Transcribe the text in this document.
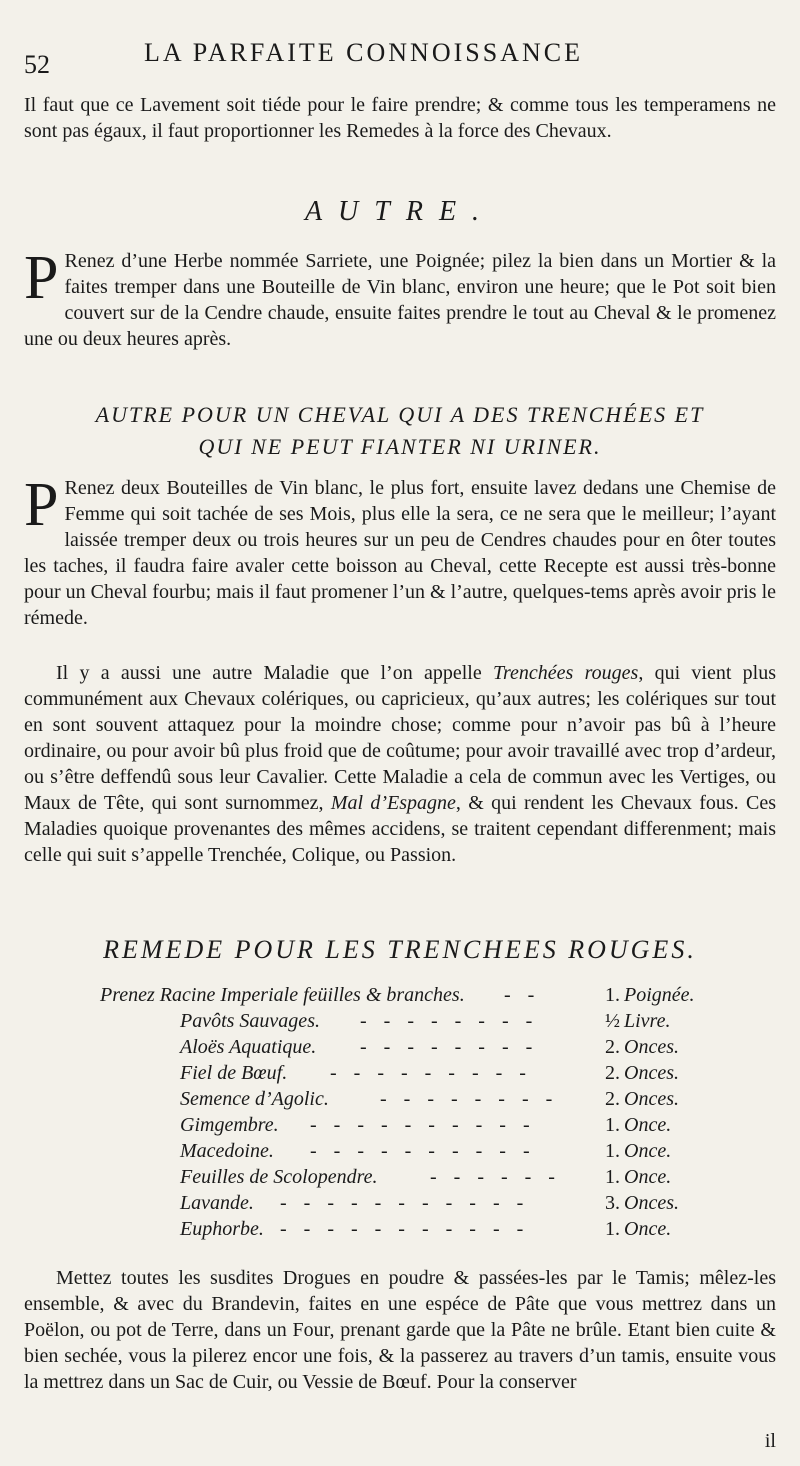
52	LA PARFAITE CONNOISSANCE
Il faut que ce Lavement soit tiéde pour le faire prendre; & comme tous les temperamens ne sont pas égaux, il faut proportionner les Remedes à la force des Chevaux.
AUTRE.
P Renez d’une Herbe nommée Sarriete, une Poignée; pilez la bien dans un Mortier & la faites tremper dans une Bouteille de Vin blanc, environ une heure; que le Pot soit bien couvert sur de la Cendre chaude, ensuite faites prendre le tout au Cheval & le promenez une ou deux heures après.
AUTRE POUR UN CHEVAL QUI A DES TRENCHÉES ET
QUI NE PEUT FIANTER NI URINER.
P Renez deux Bouteilles de Vin blanc, le plus fort, ensuite lavez dedans une Chemise de Femme qui soit tachée de ses Mois, plus elle la sera, ce ne sera que le meilleur; l’ayant laissée tremper deux ou trois heures sur un peu de Cendres chaudes pour en ôter toutes les taches, il faudra faire avaler cette boisson au Cheval, cette Recepte est aussi très-bonne pour un Cheval fourbu; mais il faut promener l’un & l’autre, quelques-tems après avoir pris le rémede.
Il y a aussi une autre Maladie que l’on appelle Trenchées rouges, qui vient plus communément aux Chevaux colériques, ou capricieux, qu’aux autres; les colériques sur tout en sont souvent attaquez pour la moindre chose; comme pour n’avoir pas bû à l’heure ordinaire, ou pour avoir bû plus froid que de coûtume; pour avoir travaillé avec trop d’ardeur, ou s’être deffendû sous leur Cavalier. Cette Maladie a cela de commun avec les Vertiges, ou Maux de Tête, qui sont surnommez, Mal d’Espagne, & qui rendent les Chevaux fous. Ces Maladies quoique provenantes des mêmes accidens, se traitent cependant differenment; mais celle qui suit s’appelle Trenchée, Colique, ou Passion.
REMEDE POUR LES TRENCHEES ROUGES.
Prenez Racine Imperiale feüilles & branches. - -	1. Poignée.
Pavôts Sauvages. - - - - - - - -	½ Livre.
Aloës Aquatique. - - - - - - - -	2. Onces.
Fiel de Bœuf. - - - - - - - - -	2. Onces.
Semence d’Agolic.	- - - - - - - -	2. Onces.
Gimgembre. - - - - - - - - - -	1. Once.
Macedoine. - - - - - - - - - -	1. Once.
Feuilles de Scolopendre.	- - - - - -	1. Once.
Lavande. - - - - - - - - - - -	3. Onces.
Euphorbe. - - - - - - - - - - -	1. Once.
Mettez toutes les susdites Drogues en poudre & passées-les par le Tamis; mêlez-les ensemble, & avec du Brandevin, faites en une espéce de Pâte que vous mettrez dans un Poëlon, ou pot de Terre, dans un Four, prenant garde que la Pâte ne brûle. Etant bien cuite & bien sechée, vous la pilerez encor une fois, & la passerez au travers d’un tamis, ensuite vous la mettrez dans un Sac de Cuir, ou Vessie de Bœuf. Pour la conserver
il
